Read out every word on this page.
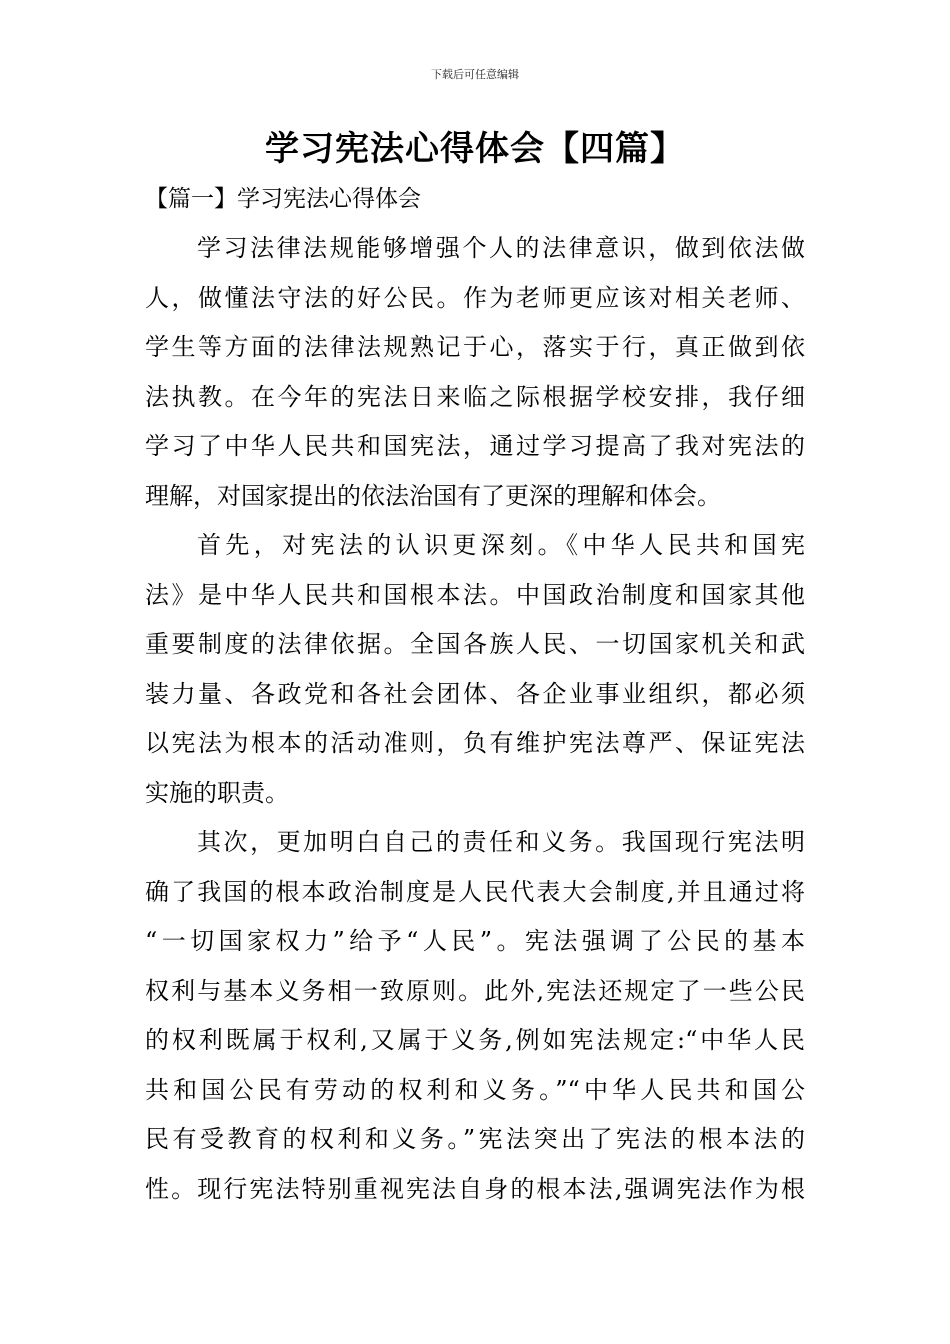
下载后可任意编辑
学习宪法心得体会【四篇】
【篇一】学习宪法心得体会

学习法律法规能够增强个人的法律意识，做到依法做
人，做懂法守法的好公民。作为老师更应该对相关老师、
学生等方面的法律法规熟记于心，落实于行，真正做到依
法执教。在今年的宪法日来临之际根据学校安排，我仔细
学习了中华人民共和国宪法，通过学习提高了我对宪法的
理解，对国家提出的依法治国有了更深的理解和体会。

首先，对宪法的认识更深刻。《中华人民共和国宪
法》是中华人民共和国根本法。中国政治制度和国家其他
重要制度的法律依据。全国各族人民、一切国家机关和武
装力量、各政党和各社会团体、各企业事业组织，都必须
以宪法为根本的活动准则，负有维护宪法尊严、保证宪法
实施的职责。

其次，更加明白自己的责任和义务。我国现行宪法明
确了我国的根本政治制度是人民代表大会制度,并且通过将
“一切国家权力”给予“人民”。宪法强调了公民的基本
权利与基本义务相一致原则。此外,宪法还规定了一些公民
的权利既属于权利,又属于义务,例如宪法规定:“中华人民
共和国公民有劳动的权利和义务。”“中华人民共和国公
民有受教育的权利和义务。”宪法突出了宪法的根本法的
性。现行宪法特别重视宪法自身的根本法,强调宪法作为根
